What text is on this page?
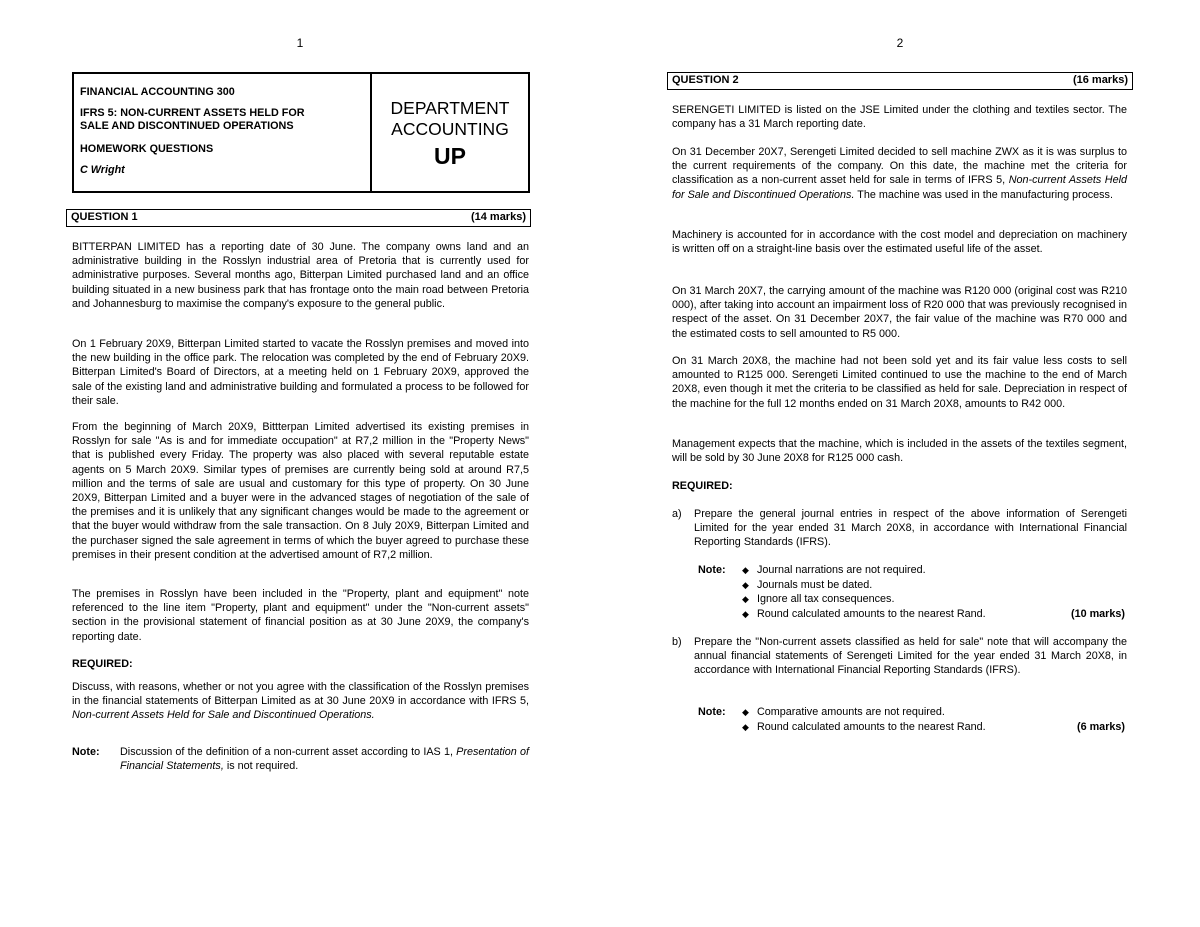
1
FINANCIAL ACCOUNTING 300
IFRS 5: NON-CURRENT ASSETS HELD FOR
SALE AND DISCONTINUED OPERATIONS
HOMEWORK QUESTIONS
C Wright
DEPARTMENT
ACCOUNTING
UP
QUESTION 1	(14 marks)
BITTERPAN LIMITED has a reporting date of 30 June. The company owns land and an administrative building in the Rosslyn industrial area of Pretoria that is currently used for administrative purposes. Several months ago, Bitterpan Limited purchased land and an office building situated in a new business park that has frontage onto the main road between Pretoria and Johannesburg to maximise the company's exposure to the general public.
On 1 February 20X9, Bitterpan Limited started to vacate the Rosslyn premises and moved into the new building in the office park. The relocation was completed by the end of February 20X9. Bitterpan Limited's Board of Directors, at a meeting held on 1 February 20X9, approved the sale of the existing land and administrative building and formulated a process to be followed for their sale.
From the beginning of March 20X9, Bittterpan Limited advertised its existing premises in Rosslyn for sale "As is and for immediate occupation" at R7,2 million in the "Property News" that is published every Friday. The property was also placed with several reputable estate agents on 5 March 20X9. Similar types of premises are currently being sold at around R7,5 million and the terms of sale are usual and customary for this type of property. On 30 June 20X9, Bitterpan Limited and a buyer were in the advanced stages of negotiation of the sale of the premises and it is unlikely that any significant changes would be made to the agreement or that the buyer would withdraw from the sale transaction. On 8 July 20X9, Bitterpan Limited and the purchaser signed the sale agreement in terms of which the buyer agreed to purchase these premises in their present condition at the advertised amount of R7,2 million.
The premises in Rosslyn have been included in the "Property, plant and equipment" note referenced to the line item "Property, plant and equipment" under the "Non-current assets" section in the provisional statement of financial position as at 30 June 20X9, the company's reporting date.
REQUIRED:
Discuss, with reasons, whether or not you agree with the classification of the Rosslyn premises in the financial statements of Bitterpan Limited as at 30 June 20X9 in accordance with IFRS 5, Non-current Assets Held for Sale and Discontinued Operations.
Note: Discussion of the definition of a non-current asset according to IAS 1, Presentation of Financial Statements, is not required.
2
QUESTION 2	(16 marks)
SERENGETI LIMITED is listed on the JSE Limited under the clothing and textiles sector. The company has a 31 March reporting date.
On 31 December 20X7, Serengeti Limited decided to sell machine ZWX as it is was surplus to the current requirements of the company. On this date, the machine met the criteria for classification as a non-current asset held for sale in terms of IFRS 5, Non-current Assets Held for Sale and Discontinued Operations. The machine was used in the manufacturing process.
Machinery is accounted for in accordance with the cost model and depreciation on machinery is written off on a straight-line basis over the estimated useful life of the asset.
On 31 March 20X7, the carrying amount of the machine was R120 000 (original cost was R210 000), after taking into account an impairment loss of R20 000 that was previously recognised in respect of the asset. On 31 December 20X7, the fair value of the machine was R70 000 and the estimated costs to sell amounted to R5 000.
On 31 March 20X8, the machine had not been sold yet and its fair value less costs to sell amounted to R125 000. Serengeti Limited continued to use the machine to the end of March 20X8, even though it met the criteria to be classified as held for sale. Depreciation in respect of the machine for the full 12 months ended on 31 March 20X8, amounts to R42 000.
Management expects that the machine, which is included in the assets of the textiles segment, will be sold by 30 June 20X8 for R125 000 cash.
REQUIRED:
a) Prepare the general journal entries in respect of the above information of Serengeti Limited for the year ended 31 March 20X8, in accordance with International Financial Reporting Standards (IFRS).
Note: ◆ Journal narrations are not required.
◆ Journals must be dated.
◆ Ignore all tax consequences.
◆ Round calculated amounts to the nearest Rand.	(10 marks)
b) Prepare the "Non-current assets classified as held for sale" note that will accompany the annual financial statements of Serengeti Limited for the year ended 31 March 20X8, in accordance with International Financial Reporting Standards (IFRS).
Note: ◆ Comparative amounts are not required.
◆ Round calculated amounts to the nearest Rand.	(6 marks)
